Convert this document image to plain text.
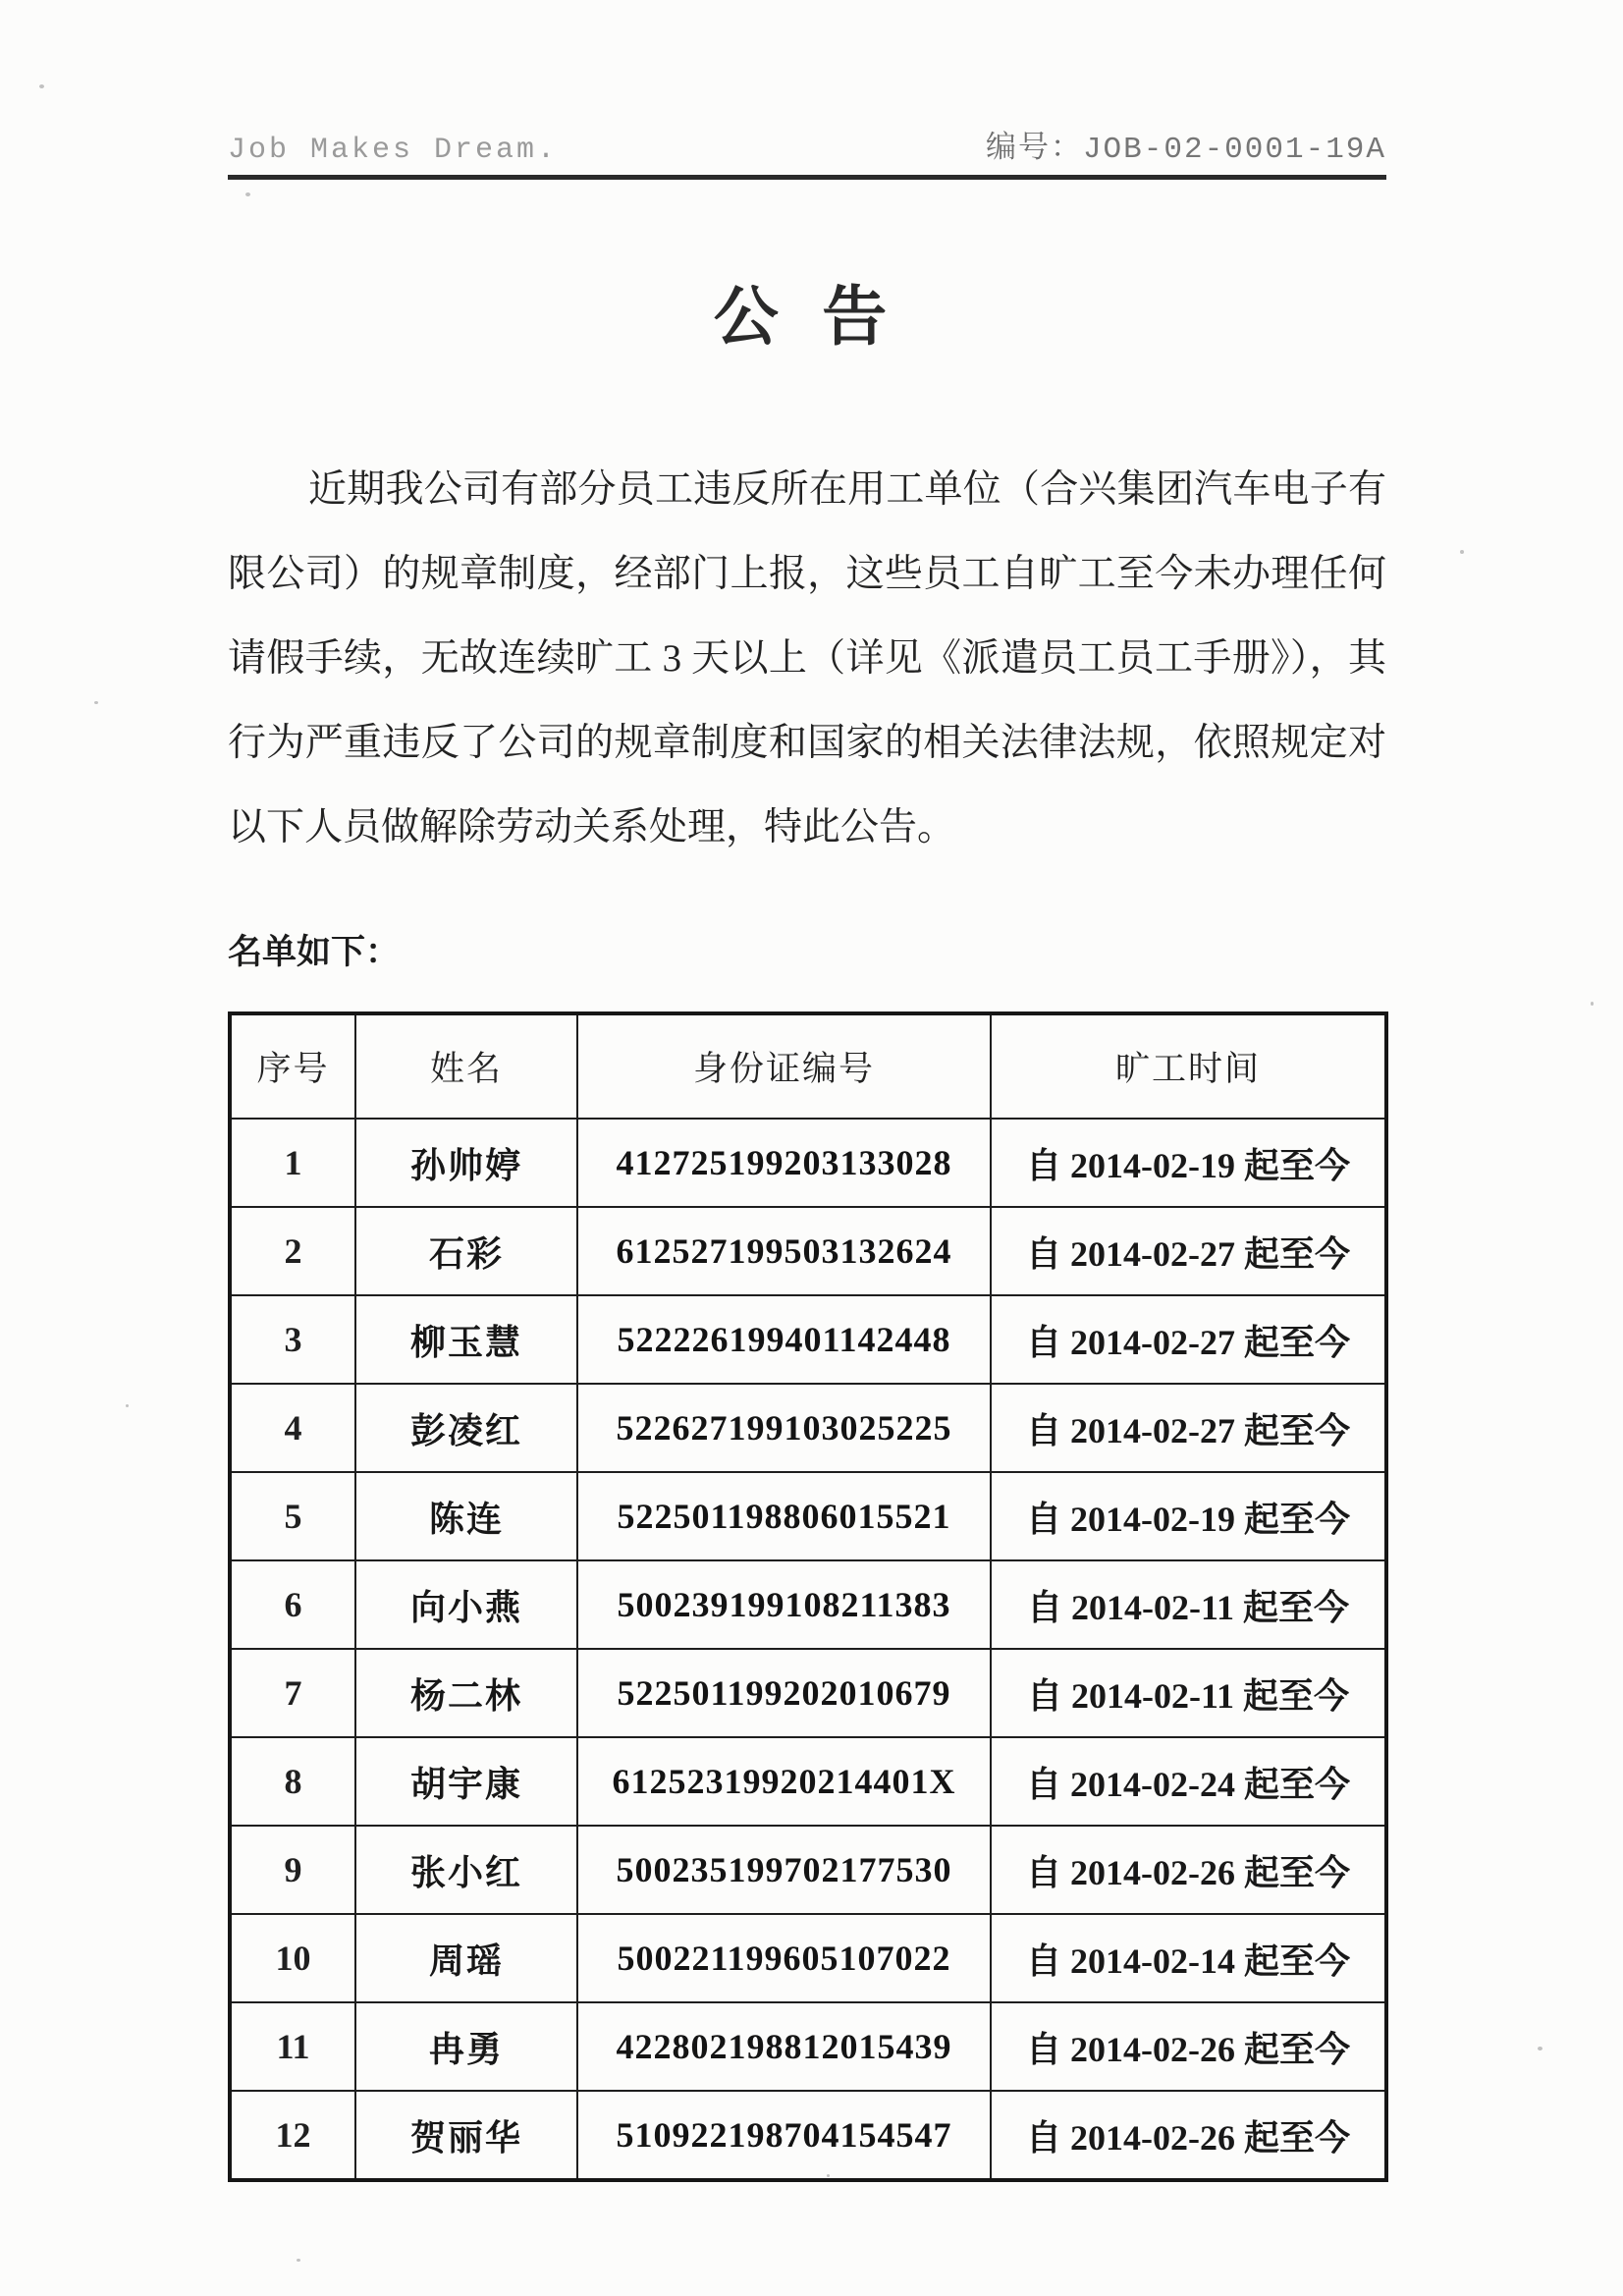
Job Makes Dream.	编号：JOB-02-0001-19A
公 告
近期我公司有部分员工违反所在用工单位（合兴集团汽车电子有
限公司）的规章制度，经部门上报，这些员工自旷工至今未办理任何
请假手续，无故连续旷工 3 天以上（详见《派遣员工员工手册》），其
行为严重违反了公司的规章制度和国家的相关法律法规，依照规定对
以下人员做解除劳动关系处理，特此公告。
名单如下：
序号	姓名	身份证编号	旷工时间
1	孙帅婷	412725199203133028	自 2014-02-19 起至今
2	石彩	612527199503132624	自 2014-02-27 起至今
3	柳玉慧	522226199401142448	自 2014-02-27 起至今
4	彭凌红	522627199103025225	自 2014-02-27 起至今
5	陈连	522501198806015521	自 2014-02-19 起至今
6	向小燕	500239199108211383	自 2014-02-11 起至今
7	杨二林	522501199202010679	自 2014-02-11 起至今
8	胡宇康	61252319920214401X	自 2014-02-24 起至今
9	张小红	500235199702177530	自 2014-02-26 起至今
10	周瑶	500221199605107022	自 2014-02-14 起至今
11	冉勇	422802198812015439	自 2014-02-26 起至今
12	贺丽华	510922198704154547	自 2014-02-26 起至今
